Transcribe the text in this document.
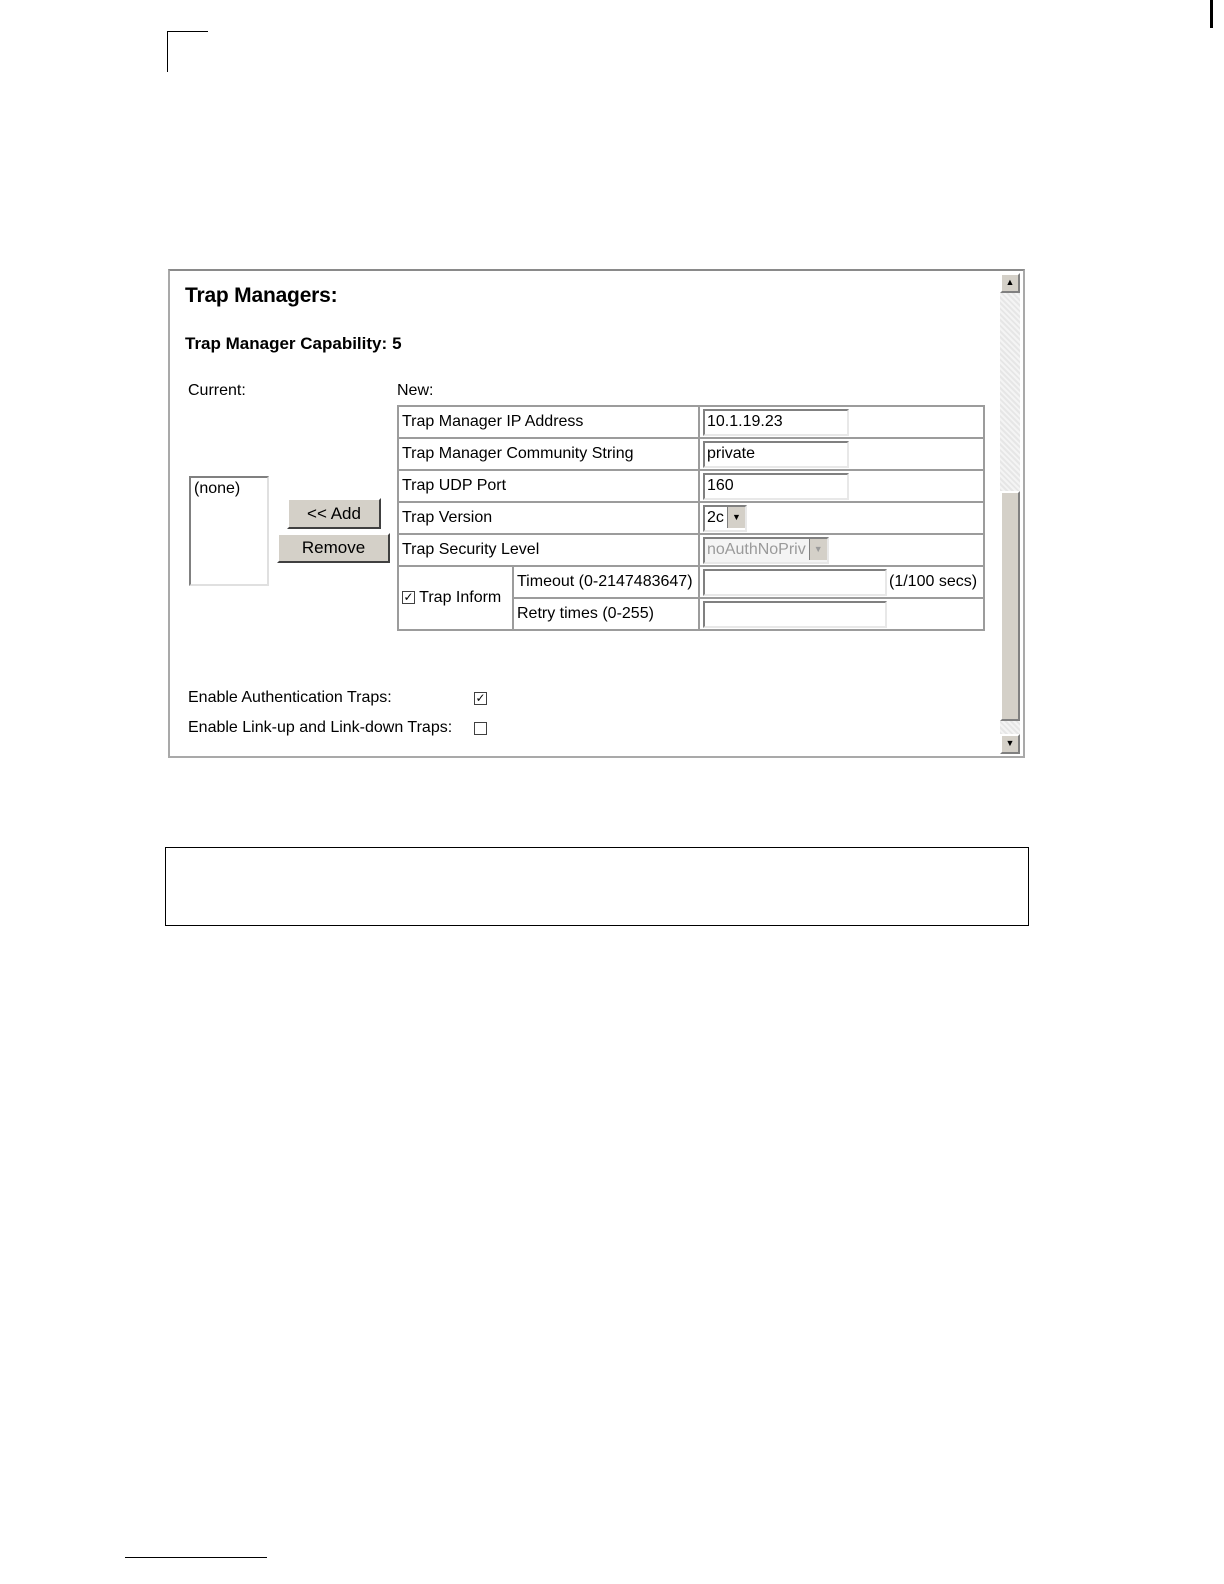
Trap Managers:
Trap Manager Capability: 5
Current:	New:
(none)
<< Add
Remove
Trap Manager IP Address		10.1.19.23
Trap Manager Community String		private
Trap UDP Port		160
Trap Version		2c ▼
Trap Security Level		noAuthNoPriv ▼
✓ Trap Inform	Timeout (0-2147483647)	(1/100 secs)
	Retry times (0-255)	
Enable Authentication Traps:	✓
Enable Link-up and Link-down Traps:
▲
▼
